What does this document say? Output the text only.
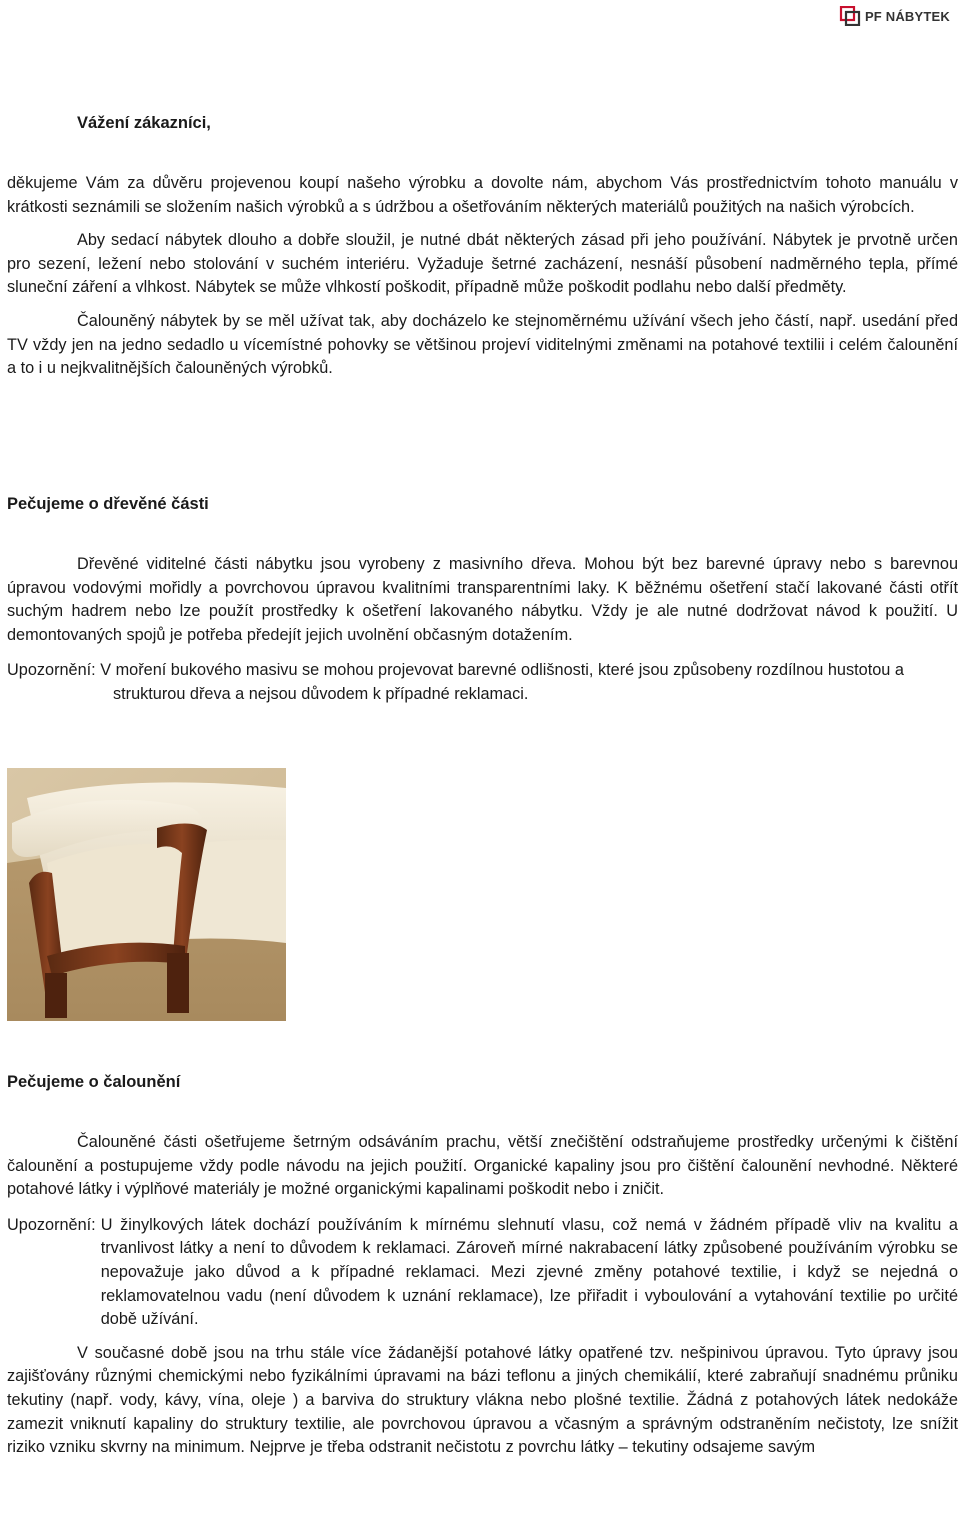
PF NÁBYTEK
Vážení zákazníci,

děkujeme Vám za důvěru projevenou koupí našeho výrobku a dovolte nám, abychom Vás prostřednictvím tohoto manuálu v krátkosti seznámili se složením našich výrobků a s údržbou a ošetřováním některých materiálů použitých na našich výrobcích.

Aby sedací nábytek dlouho a dobře sloužil, je nutné dbát některých zásad při jeho používání. Nábytek je prvotně určen pro sezení, ležení nebo stolování v suchém interiéru. Vyžaduje šetrné zacházení, nesnáší působení nadměrného tepla, přímé sluneční záření a vlhkost. Nábytek se může vlhkostí poškodit, případně může poškodit podlahu nebo další předměty.

Čalouněný nábytek by se měl užívat tak, aby docházelo ke stejnoměrnému užívání všech jeho částí, např. usedání před TV vždy jen na jedno sedadlo u vícemístné pohovky se většinou projeví viditelnými změnami na potahové textilii i celém čalounění a to i u nejkvalitnějších čalouněných výrobků.

Pečujeme o dřevěné části

Dřevěné viditelné části nábytku jsou vyrobeny z masivního dřeva. Mohou být bez barevné úpravy nebo s barevnou úpravou vodovými mořidly a povrchovou úpravou kvalitními transparentními laky. K běžnému ošetření stačí lakované části otřít suchým hadrem nebo lze použít prostředky k ošetření lakovaného nábytku. Vždy je ale nutné dodržovat návod k použití. U demontovaných spojů je potřeba předejít jejich uvolnění občasným dotažením.

Upozornění: V moření bukového masivu se mohou projevovat barevné odlišnosti, které jsou způsobeny rozdílnou hustotou a strukturou dřeva a nejsou důvodem k případné reklamaci.

Pečujeme o čalounění

Čalouněné části ošetřujeme šetrným odsáváním prachu, větší znečištění odstraňujeme prostředky určenými k čištění čalounění a postupujeme vždy podle návodu na jejich použití. Organické kapaliny jsou pro čištění čalounění nevhodné. Některé potahové látky i výplňové materiály je možné organickými kapalinami poškodit nebo i zničit.

Upozornění: U žinylkových látek dochází používáním k mírnému slehnutí vlasu, což nemá v žádném případě vliv na kvalitu a trvanlivost látky a není to důvodem k reklamaci. Zároveň mírné nakrabacení látky způsobené používáním výrobku se nepovažuje jako důvod a k případné reklamaci. Mezi zjevné změny potahové textilie, i když se nejedná o reklamovatelnou vadu (není důvodem k uznání reklamace), lze přiřadit i vyboulování a vytahování textilie po určité době užívání.

V současné době jsou na trhu stále více žádanější potahové látky opatřené tzv. nešpinivou úpravou. Tyto úpravy jsou zajišťovány různými chemickými nebo fyzikálními úpravami na bázi teflonu a jiných chemikálií, které zabraňují snadnému průniku tekutiny (např. vody, kávy, vína, oleje ) a barviva do struktury vlákna nebo plošné textilie. Žádná z potahových látek nedokáže zamezit vniknutí kapaliny do struktury textilie, ale povrchovou úpravou a včasným a správným odstraněním nečistoty, lze snížit riziko vzniku skvrny na minimum. Nejprve je třeba odstranit nečistotu z povrchu látky – tekutiny odsajeme savým
